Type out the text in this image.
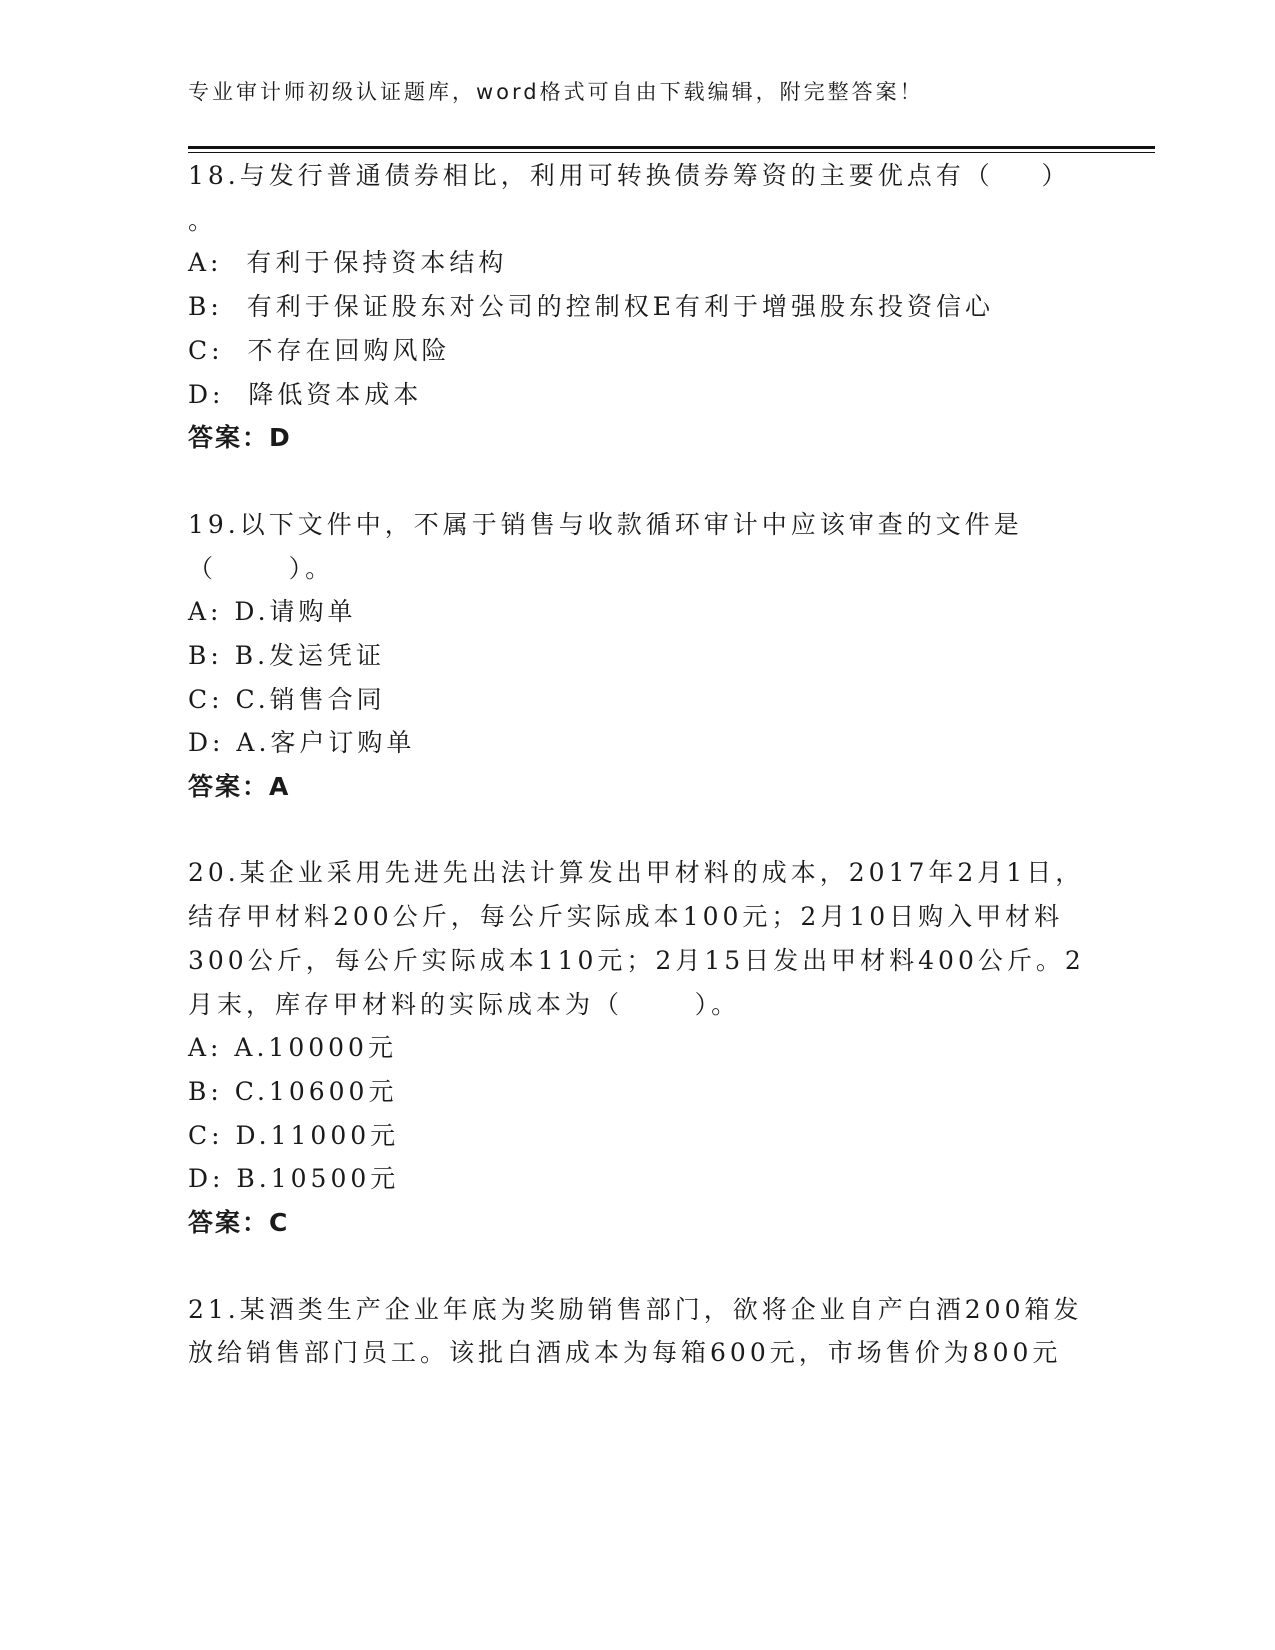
专业审计师初级认证题库，word格式可自由下载编辑，附完整答案！
18.与发行普通债券相比，利用可转换债券筹资的主要优点有（    ）
。
A:  有利于保持资本结构
B:  有利于保证股东对公司的控制权E有利于增强股东投资信心
C:  不存在回购风险
D:  降低资本成本
答案：D
19.以下文件中，不属于销售与收款循环审计中应该审查的文件是
（      ）。
A: D.请购单
B: B.发运凭证
C: C.销售合同
D: A.客户订购单
答案：A
20.某企业采用先进先出法计算发出甲材料的成本，2017年2月1日，
结存甲材料200公斤，每公斤实际成本100元；2月10日购入甲材料
300公斤，每公斤实际成本110元；2月15日发出甲材料400公斤。2
月末，库存甲材料的实际成本为（      ）。
A: A.10000元
B: C.10600元
C: D.11000元
D: B.10500元
答案：C
21.某酒类生产企业年底为奖励销售部门，欲将企业自产白酒200箱发
放给销售部门员工。该批白酒成本为每箱600元，市场售价为800元
